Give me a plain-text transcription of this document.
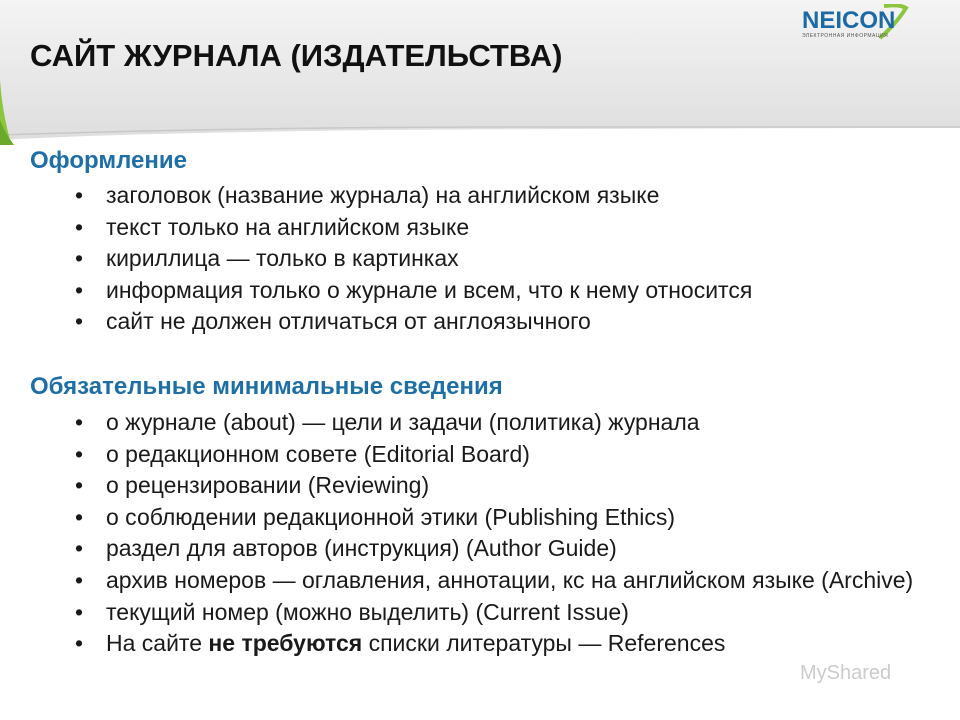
САЙТ ЖУРНАЛА (ИЗДАТЕЛЬСТВА)
NEICON
ЭЛЕКТРОННАЯ ИНФОРМАЦИЯ
Оформление
• заголовок (название журнала) на английском языке
• текст только на английском языке
• кириллица — только в картинках
• информация только о журнале и всем, что к нему относится
• сайт не должен отличаться от англоязычного
Обязательные минимальные сведения
• о журнале (about) — цели и задачи (политика) журнала
• о редакционном совете (Editorial Board)
• о рецензировании (Reviewing)
• о соблюдении редакционной этики (Publishing Ethics)
• раздел для авторов (инструкция) (Author Guide)
• архив номеров — оглавления, аннотации, кс на английском языке (Archive)
• текущий номер (можно выделить) (Current Issue)
• На сайте не требуются списки литературы — References
MyShared
